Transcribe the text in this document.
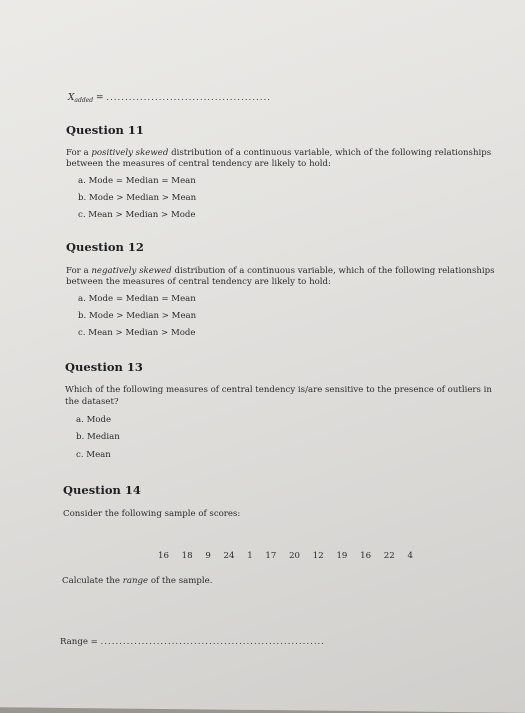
$X_{added}$ = ............................................
Question 11
For a positively skewed distribution of a continuous variable, which of the following relationships
between the measures of central tendency are likely to hold:
a. Mode = Median = Mean
b. Mode > Median > Mean
c. Mean > Median > Mode
Question 12
For a negatively skewed distribution of a continuous variable, which of the following relationships
between the measures of central tendency are likely to hold:
a. Mode = Median = Mean
b. Mode > Median > Mean
c. Mean > Median > Mode
Question 13
Which of the following measures of central tendency is/are sensitive to the presence of outliers in
the dataset?
a. Mode
b. Median
c. Mean
Question 14
Consider the following sample of scores:
16 18 9 24 1 17 20 12 19 16 22 4
Calculate the range of the sample.
Range = ............................................................
